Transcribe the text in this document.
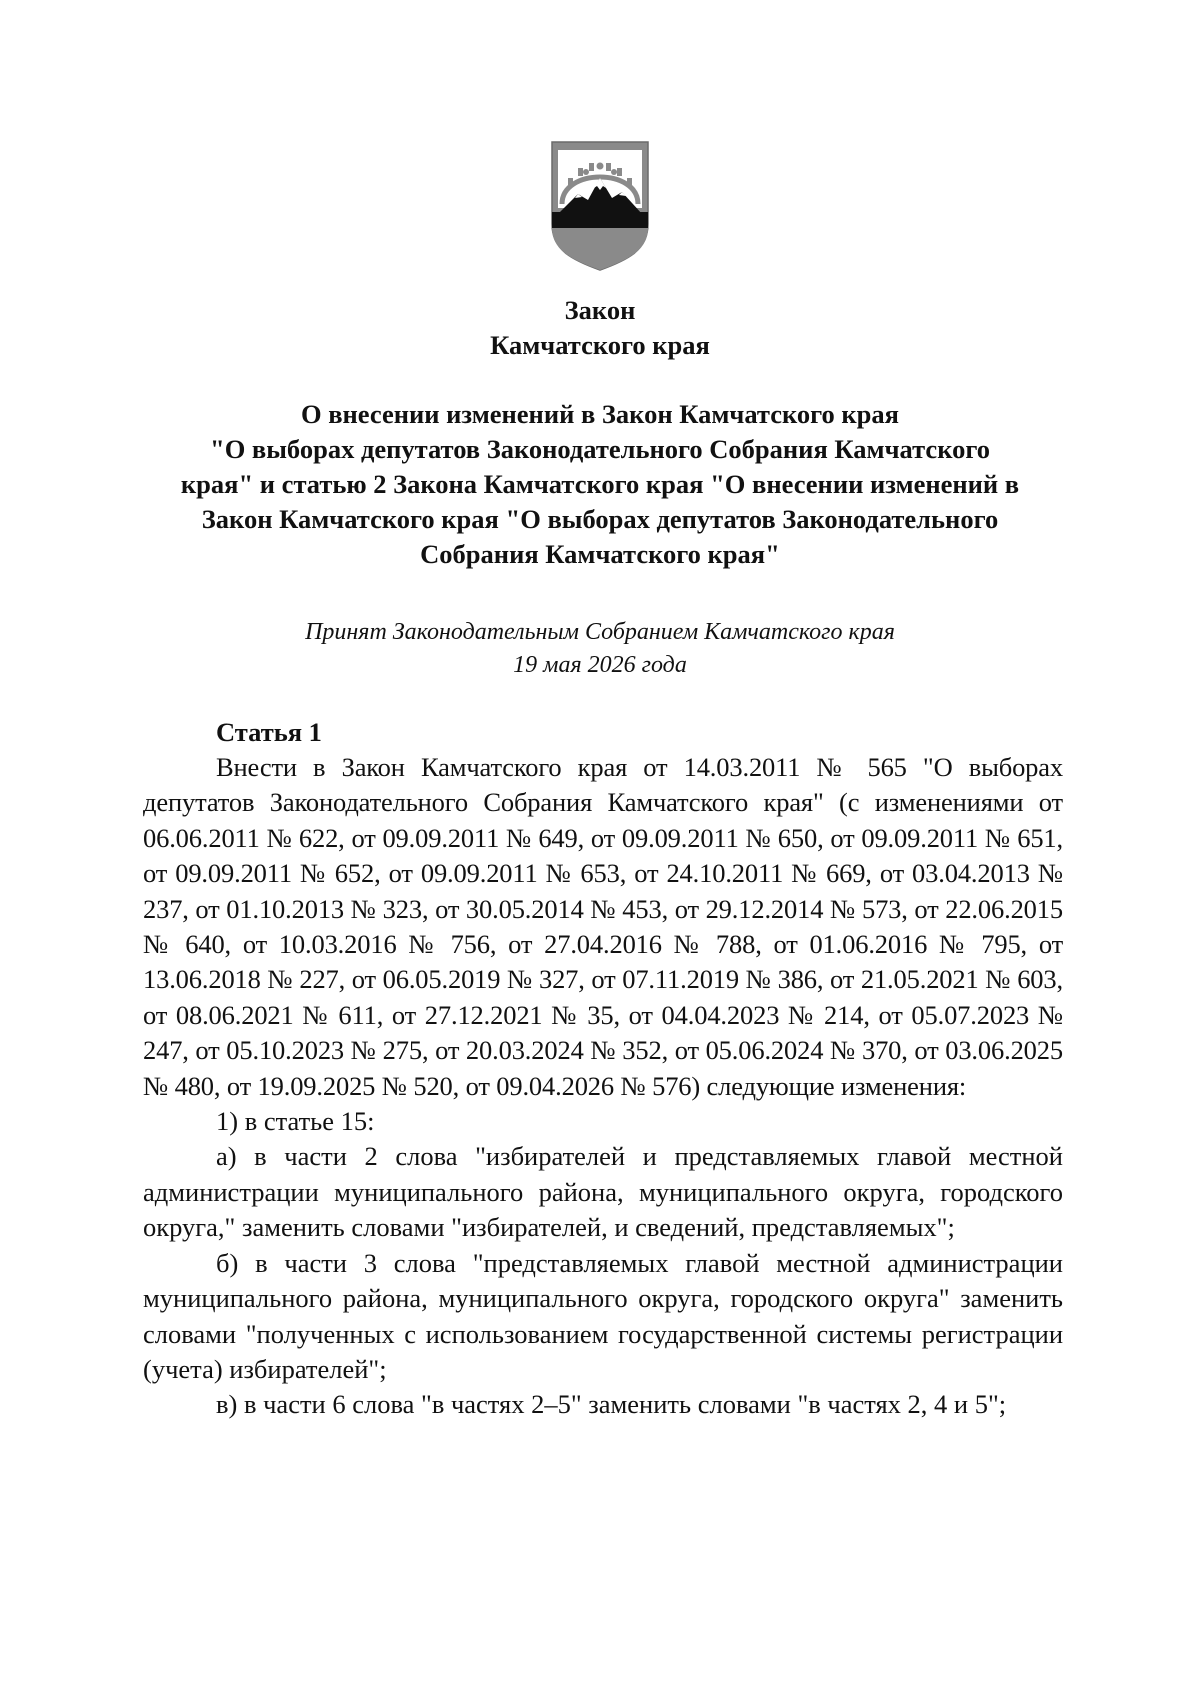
Закон
Камчатского края
О внесении изменений в Закон Камчатского края
"О выборах депутатов Законодательного Собрания Камчатского
края" и статью 2 Закона Камчатского края "О внесении изменений в
Закон Камчатского края "О выборах депутатов Законодательного
Собрания Камчатского края"
Принят Законодательным Собранием Камчатского края
19 мая 2026 года
Статья 1

Внести в Закон Камчатского края от 14.03.2011 № 565 "О выборах депутатов Законодательного Собрания Камчатского края" (с изменениями от 06.06.2011 № 622, от 09.09.2011 № 649, от 09.09.2011 № 650, от 09.09.2011 № 651, от 09.09.2011 № 652, от 09.09.2011 № 653, от 24.10.2011 № 669, от 03.04.2013 № 237, от 01.10.2013 № 323, от 30.05.2014 № 453, от 29.12.2014 № 573, от 22.06.2015 № 640, от 10.03.2016 № 756, от 27.04.2016 № 788, от 01.06.2016 № 795, от 13.06.2018 № 227, от 06.05.2019 № 327, от 07.11.2019 № 386, от 21.05.2021 № 603, от 08.06.2021 № 611, от 27.12.2021 № 35, от 04.04.2023 № 214, от 05.07.2023 № 247, от 05.10.2023 № 275, от 20.03.2024 № 352, от 05.06.2024 № 370, от 03.06.2025 № 480, от 19.09.2025 № 520, от 09.04.2026 № 576) следующие изменения:

1) в статье 15:

а) в части 2 слова "избирателей и представляемых главой местной администрации муниципального района, муниципального округа, городского округа," заменить словами "избирателей, и сведений, представляемых";

б) в части 3 слова "представляемых главой местной администрации муниципального района, муниципального округа, городского округа" заменить словами "полученных с использованием государственной системы регистрации (учета) избирателей";

в) в части 6 слова "в частях 2–5" заменить словами "в частях 2, 4 и 5";
